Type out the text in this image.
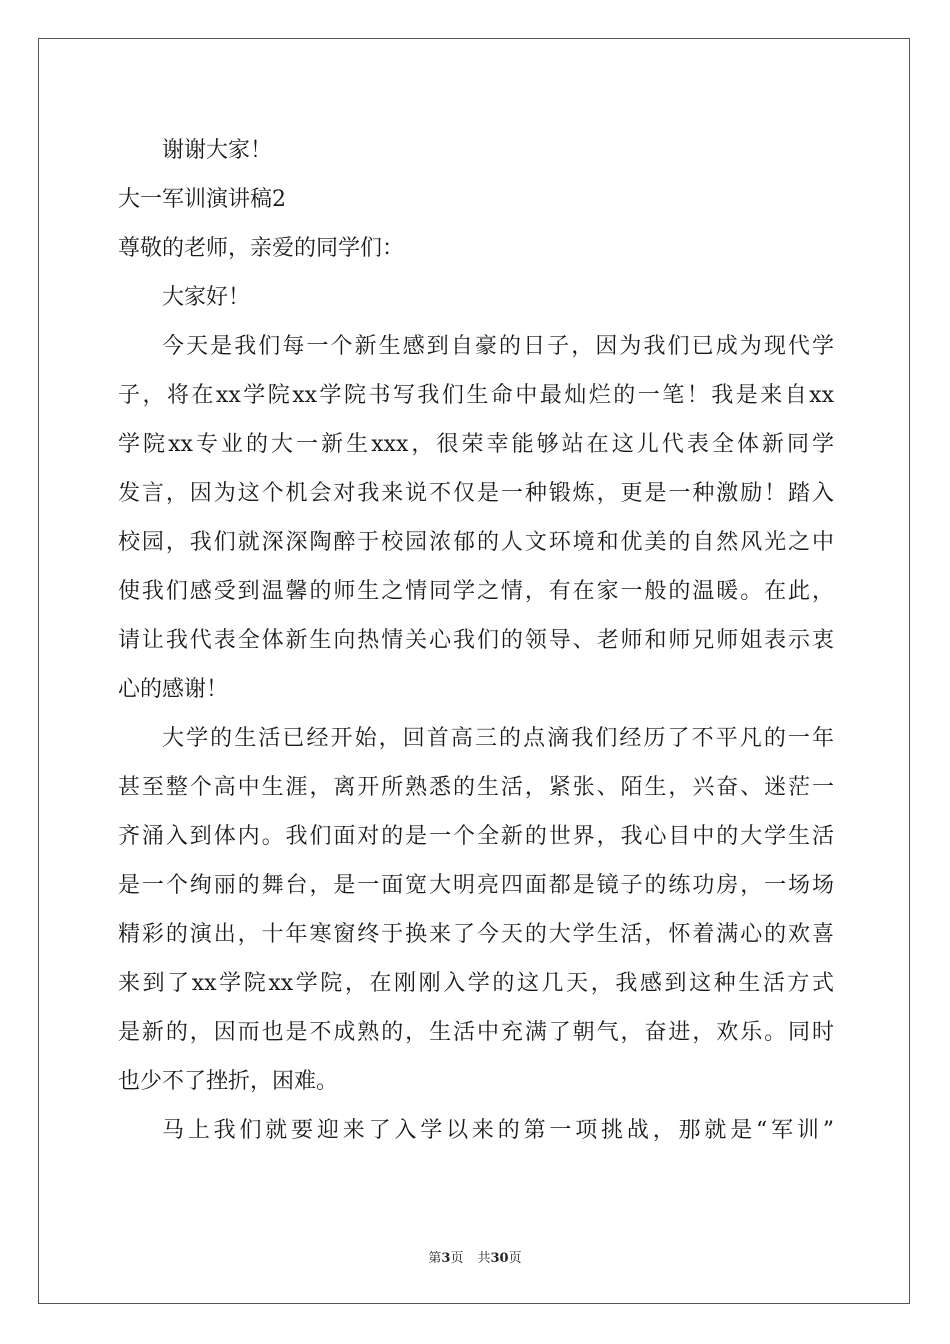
谢谢大家！
大一军训演讲稿2
尊敬的老师，亲爱的同学们：
大家好！
今天是我们每一个新生感到自豪的日子，因为我们已成为现代学
子，将在xx学院xx学院书写我们生命中最灿烂的一笔！我是来自xx
学院xx专业的大一新生xxx，很荣幸能够站在这儿代表全体新同学
发言，因为这个机会对我来说不仅是一种锻炼，更是一种激励！踏入
校园，我们就深深陶醉于校园浓郁的人文环境和优美的自然风光之中
使我们感受到温馨的师生之情同学之情，有在家一般的温暖。在此，
请让我代表全体新生向热情关心我们的领导、老师和师兄师姐表示衷
心的感谢！
大学的生活已经开始，回首高三的点滴我们经历了不平凡的一年
甚至整个高中生涯，离开所熟悉的生活，紧张、陌生，兴奋、迷茫一
齐涌入到体内。我们面对的是一个全新的世界，我心目中的大学生活
是一个绚丽的舞台，是一面宽大明亮四面都是镜子的练功房，一场场
精彩的演出，十年寒窗终于换来了今天的大学生活，怀着满心的欢喜
来到了xx学院xx学院，在刚刚入学的这几天，我感到这种生活方式
是新的，因而也是不成熟的，生活中充满了朝气，奋进，欢乐。同时
也少不了挫折，困难。
马上我们就要迎来了入学以来的第一项挑战，那就是“军训”
第3页 共30页
